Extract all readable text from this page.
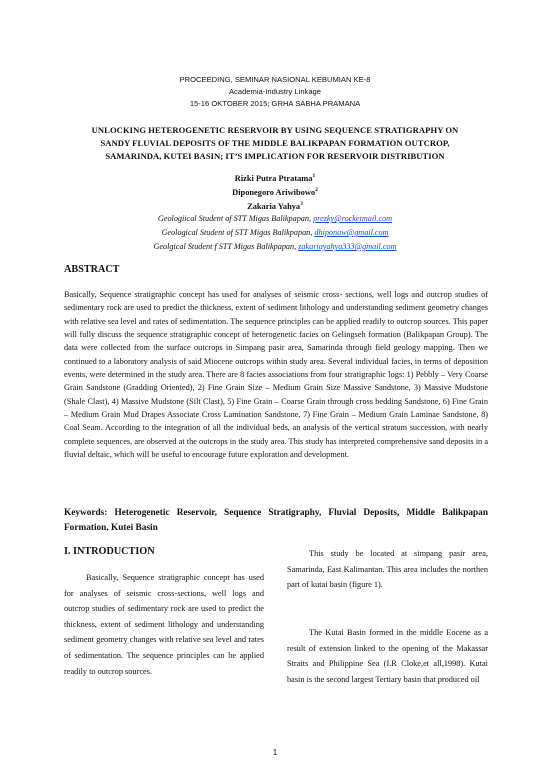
PROCEEDING, SEMINAR NASIONAL KEBUMIAN KE-8
Academia-Industry Linkage
15-16 OKTOBER 2015; GRHA SABHA PRAMANA
UNLOCKING HETEROGENETIC RESERVOIR BY USING SEQUENCE STRATIGRAPHY ON
SANDY FLUVIAL DEPOSITS OF THE MIDDLE BALIKPAPAN FORMATION OUTCROP,
SAMARINDA, KUTEI BASIN; IT’S IMPLICATION FOR RESERVOIR DISTRIBUTION
Rizki Putra Ptratama$^1$
Diponegoro Ariwibowo$^2$
Zakaria Yahya$^3$
Geologiical Student of STT Migas Balikpapan, prezky@rocketmail.com
Geological Student of STT Migas Balikpapan, dhiponaw@gmail.com
Geolgical Student f STT Migas Balikpapan, zakariayahya333@gmail.com
ABSTRACT

Basically, Sequence stratigraphic concept has used for analyses of seismic cross- sections, well logs and outcrop studies of sedimentary rock are used to predict the thickness, extent of sediment lithology and understanding sediment geometry changes with relative sea level and rates of sedimentation. The sequence principles can be applied readily to outcrop sources. This paper will fully discuss the sequence stratigraphic concept of heterogenetic facies on Gelingseh formation (Balikpapan Group). The data were collected from the surface outcrops in Simpang pasir area, Samarinda through field geology mapping. Then we continued to a laboratory analysis of said Miocene outcrops within study area. Several individual facies, in terms of deposition events, were determined in the study area. There are 8 facies associations from four stratigraphic logs: 1) Pebbly – Very Coarse Grain Sandstone (Gradding Oriented), 2) Fine Grain Size – Medium Grain Size Massive Sandstone, 3) Massive Mudstone (Shale Clast), 4) Massive Mudstone (Silt Clast), 5) Fine Grain – Coarse Grain through cross bedding Sandstone, 6) Fine Grain – Medium Grain Mud Drapes Associate Cross Lamination Sandstone, 7) Fine Grain – Medium Grain Laminae Sandstone, 8) Coal Seam. According to the integration of all the individual beds, an analysis of the vertical stratum succession, with nearly complete sequences, are observed at the outcrops in the study area. This study has interpreted comprehensive sand deposits in a fluvial deltaic, which will be useful to encourage future exploration and development.

Keywords: Heterogenetic Reservoir, Sequence Stratigraphy, Fluvial Deposits, Middle Balikpapan Formation, Kutei Basin

I. INTRODUCTION

Basically, Sequence stratigraphic concept has used for analyses of seismic cross-sections, well logs and outcrop studies of sedimentary rock are used to predict the thickness, extent of sediment lithology and understanding sediment geometry changes with relative sea level and rates of sedimentation. The sequence principles can be applied readily to outcrop sources.

This study be located at simpang pasir area, Samarinda, East Kalimantan. This area includes the northen part of kutai basin (figure 1).

The Kutai Basin formed in the middle Eocene as a result of extension linked to the opening of the Makassar Straits and Philippine Sea (I.R Cloke,et all,1998). Kutai basin is the second largest Tertiary basin that produced oil

1
